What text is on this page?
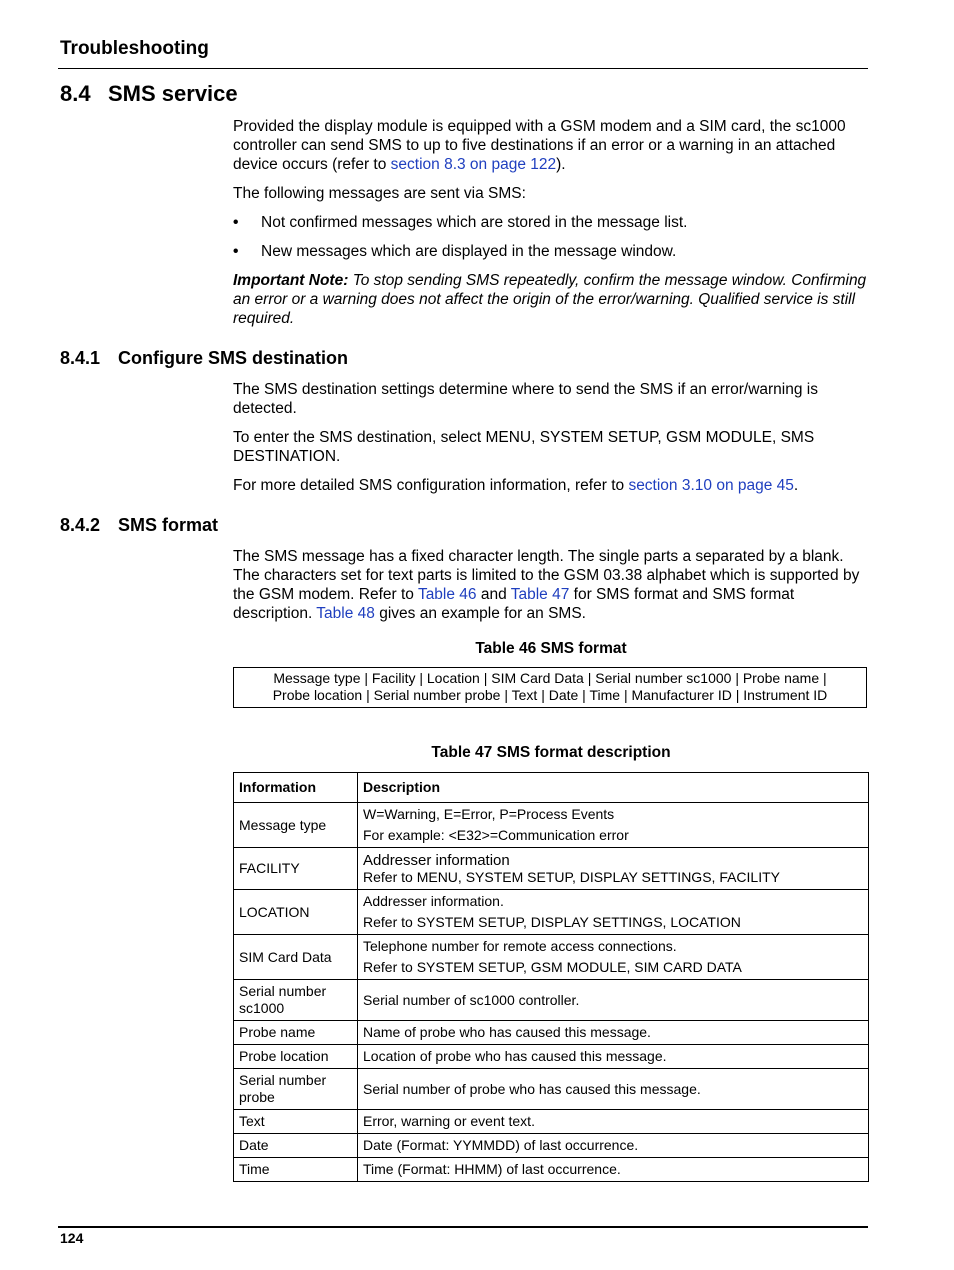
Troubleshooting
8.4 SMS service

Provided the display module is equipped with a GSM modem and a SIM card, the sc1000 controller can send SMS to up to five destinations if an error or a warning in an attached device occurs (refer to section 8.3 on page 122).

The following messages are sent via SMS:

• Not confirmed messages which are stored in the message list.
• New messages which are displayed in the message window.

Important Note: To stop sending SMS repeatedly, confirm the message window. Confirming an error or a warning does not affect the origin of the error/warning. Qualified service is still required.

8.4.1 Configure SMS destination

The SMS destination settings determine where to send the SMS if an error/warning is detected.

To enter the SMS destination, select MENU, SYSTEM SETUP, GSM MODULE, SMS DESTINATION.

For more detailed SMS configuration information, refer to section 3.10 on page 45.

8.4.2 SMS format

The SMS message has a fixed character length. The single parts a separated by a blank. The characters set for text parts is limited to the GSM 03.38 alphabet which is supported by the GSM modem. Refer to Table 46 and Table 47 for SMS format and SMS format description. Table 48 gives an example for an SMS.

Table 46 SMS format
Message type | Facility | Location | SIM Card Data | Serial number sc1000 | Probe name |
Probe location | Serial number probe | Text | Date | Time | Manufacturer ID | Instrument ID
Table 47 SMS format description
Information	Description
Message type	W=Warning, E=Error, P=Process Events
For example: <E32>=Communication error

FACILITY	Addresser information
Refer to MENU, SYSTEM SETUP, DISPLAY SETTINGS, FACILITY

LOCATION	Addresser information.
Refer to SYSTEM SETUP, DISPLAY SETTINGS, LOCATION

SIM Card Data	Telephone number for remote access connections.
Refer to SYSTEM SETUP, GSM MODULE, SIM CARD DATA

Serial number sc1000	Serial number of sc1000 controller.
Probe name	Name of probe who has caused this message.
Probe location	Location of probe who has caused this message.
Serial number probe	Serial number of probe who has caused this message.
Text	Error, warning or event text.
Date	Date (Format: YYMMDD) of last occurrence.
Time	Time (Format: HHMM) of last occurrence.
124
